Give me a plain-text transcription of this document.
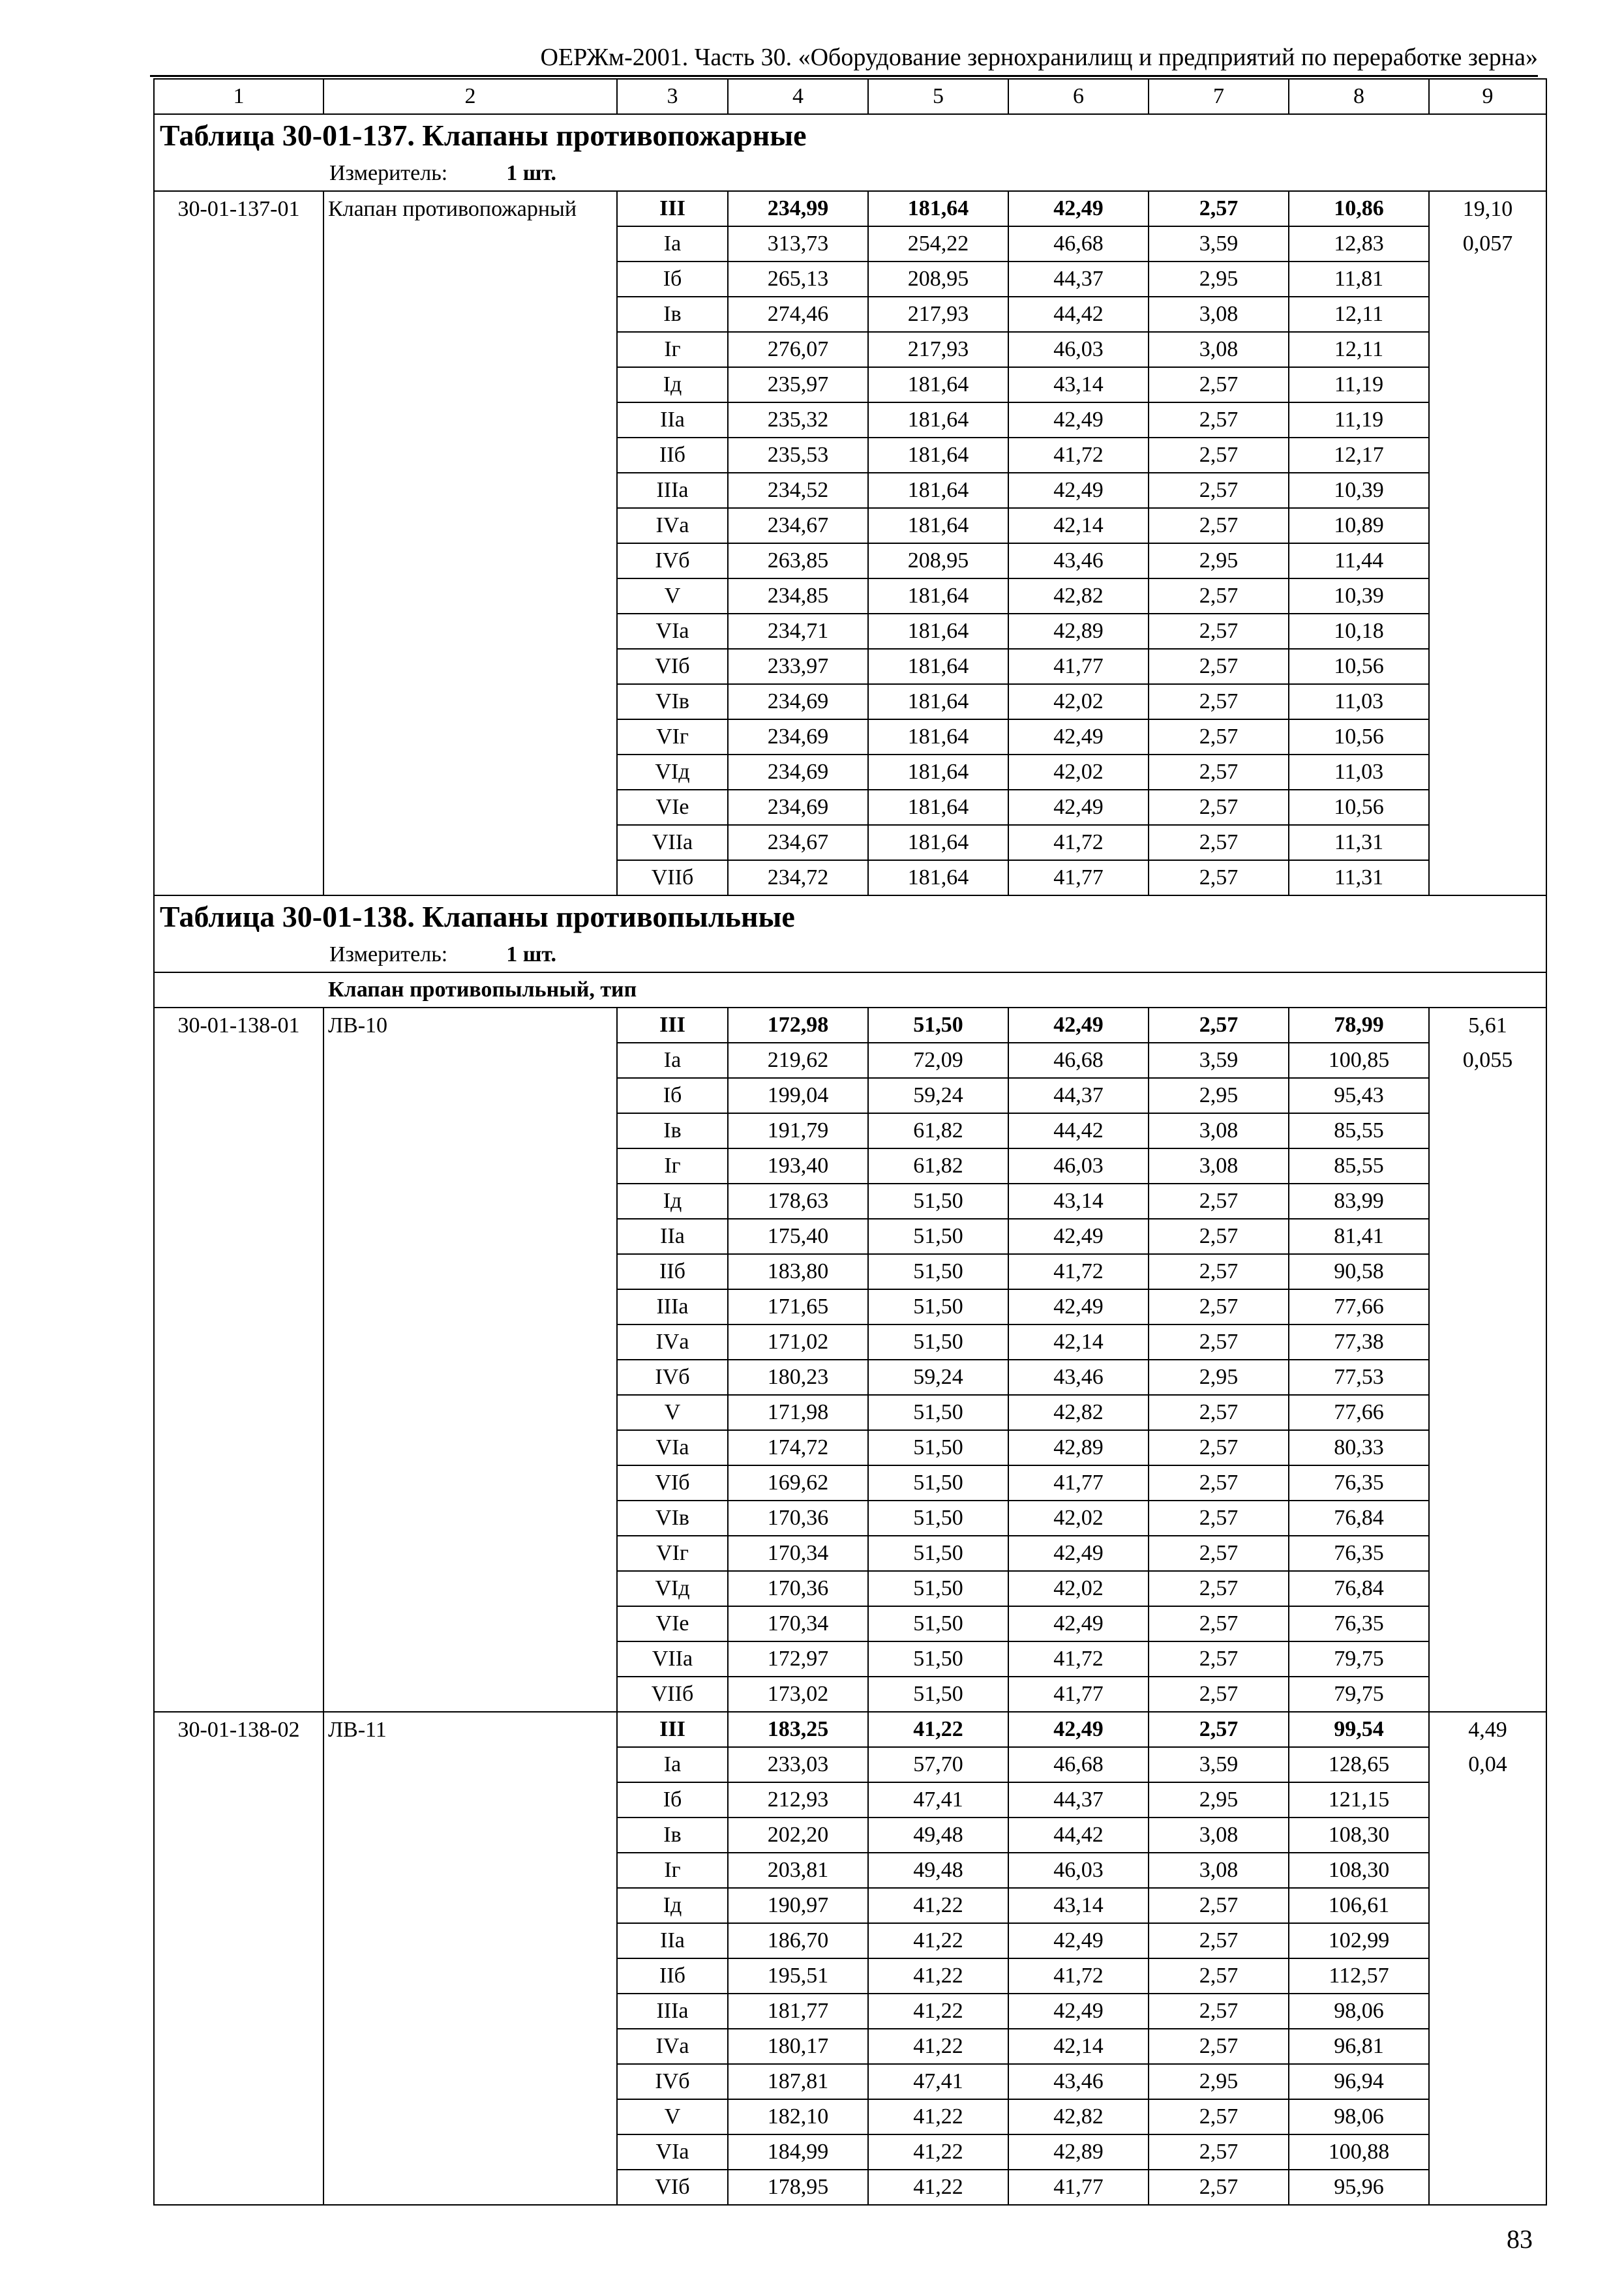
ОЕРЖм-2001. Часть 30. «Оборудование зернохранилищ и предприятий по переработке зерна»
1	2	3	4	5	6	7	8	9
Таблица 30-01-137. Клапаны противопожарные								
Измеритель: 1 шт.								
30-01-137-01	Клапан противопожарный	III	234,99	181,64	42,49	2,57	10,86	19,10
		Iа	313,73	254,22	46,68	3,59	12,83	0,057
		Iб	265,13	208,95	44,37	2,95	11,81	
		Iв	274,46	217,93	44,42	3,08	12,11	
		Iг	276,07	217,93	46,03	3,08	12,11	
		Iд	235,97	181,64	43,14	2,57	11,19	
		IIа	235,32	181,64	42,49	2,57	11,19	
		IIб	235,53	181,64	41,72	2,57	12,17	
		IIIа	234,52	181,64	42,49	2,57	10,39	
		IVа	234,67	181,64	42,14	2,57	10,89	
		IVб	263,85	208,95	43,46	2,95	11,44	
		V	234,85	181,64	42,82	2,57	10,39	
		VIа	234,71	181,64	42,89	2,57	10,18	
		VIб	233,97	181,64	41,77	2,57	10,56	
		VIв	234,69	181,64	42,02	2,57	11,03	
		VIг	234,69	181,64	42,49	2,57	10,56	
		VIд	234,69	181,64	42,02	2,57	11,03	
		VIе	234,69	181,64	42,49	2,57	10,56	
		VIIа	234,67	181,64	41,72	2,57	11,31	
		VIIб	234,72	181,64	41,77	2,57	11,31	
Таблица 30-01-138. Клапаны противопыльные								
Измеритель: 1 шт.								
Клапан противопыльный, тип								
30-01-138-01	ЛВ-10	III	172,98	51,50	42,49	2,57	78,99	5,61
		Iа	219,62	72,09	46,68	3,59	100,85	0,055
		Iб	199,04	59,24	44,37	2,95	95,43	
		Iв	191,79	61,82	44,42	3,08	85,55	
		Iг	193,40	61,82	46,03	3,08	85,55	
		Iд	178,63	51,50	43,14	2,57	83,99	
		IIа	175,40	51,50	42,49	2,57	81,41	
		IIб	183,80	51,50	41,72	2,57	90,58	
		IIIа	171,65	51,50	42,49	2,57	77,66	
		IVа	171,02	51,50	42,14	2,57	77,38	
		IVб	180,23	59,24	43,46	2,95	77,53	
		V	171,98	51,50	42,82	2,57	77,66	
		VIа	174,72	51,50	42,89	2,57	80,33	
		VIб	169,62	51,50	41,77	2,57	76,35	
		VIв	170,36	51,50	42,02	2,57	76,84	
		VIг	170,34	51,50	42,49	2,57	76,35	
		VIд	170,36	51,50	42,02	2,57	76,84	
		VIе	170,34	51,50	42,49	2,57	76,35	
		VIIа	172,97	51,50	41,72	2,57	79,75	
		VIIб	173,02	51,50	41,77	2,57	79,75	
30-01-138-02	ЛВ-11	III	183,25	41,22	42,49	2,57	99,54	4,49
		Iа	233,03	57,70	46,68	3,59	128,65	0,04
		Iб	212,93	47,41	44,37	2,95	121,15	
		Iв	202,20	49,48	44,42	3,08	108,30	
		Iг	203,81	49,48	46,03	3,08	108,30	
		Iд	190,97	41,22	43,14	2,57	106,61	
		IIа	186,70	41,22	42,49	2,57	102,99	
		IIб	195,51	41,22	41,72	2,57	112,57	
		IIIа	181,77	41,22	42,49	2,57	98,06	
		IVа	180,17	41,22	42,14	2,57	96,81	
		IVб	187,81	47,41	43,46	2,95	96,94	
		V	182,10	41,22	42,82	2,57	98,06	
		VIа	184,99	41,22	42,89	2,57	100,88	
		VIб	178,95	41,22	41,77	2,57	95,96	
83
